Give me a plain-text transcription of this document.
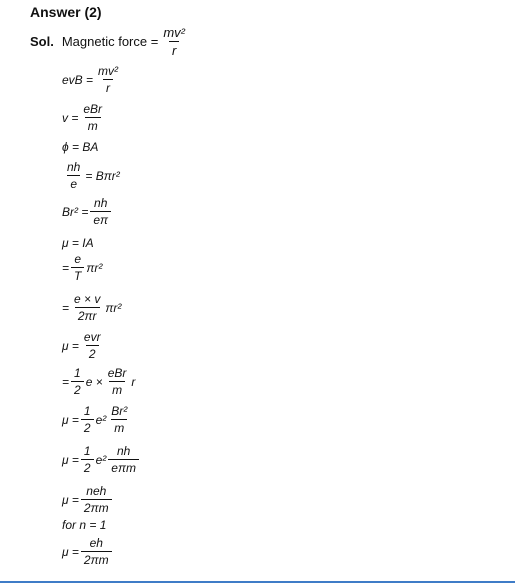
Answer (2)
Sol. Magnetic force = $\frac{\text{mv²}}{r}$
evB = $\frac{\text{mv²}}{r}$
$v = \frac{\text{eBr}}{m}$
ϕ = BA
$\frac{nh}{e} = B\pi r^2$
$Br^2 = \frac{nh}{e\pi}$
μ = IA
= $\frac{e}{T} \pi r^2$
= $\frac{e \times v}{2\pi r} \pi r^2$
$\mu = \frac{\text{evr}}{2}$
= $\frac{1}{2}$ $e \times \frac{\text{eBr}}{m}$ r
$\mu = \frac{1}{2} e^2 \frac{\text{Br²}}{m}$
$\mu = \frac{1}{2} e^2 \frac{nh}{\text{eπm}}$
$\mu = \frac{\text{neh}}{2\pi m}$
for n = 1
$\mu = \frac{eh}{2\pi m}$
